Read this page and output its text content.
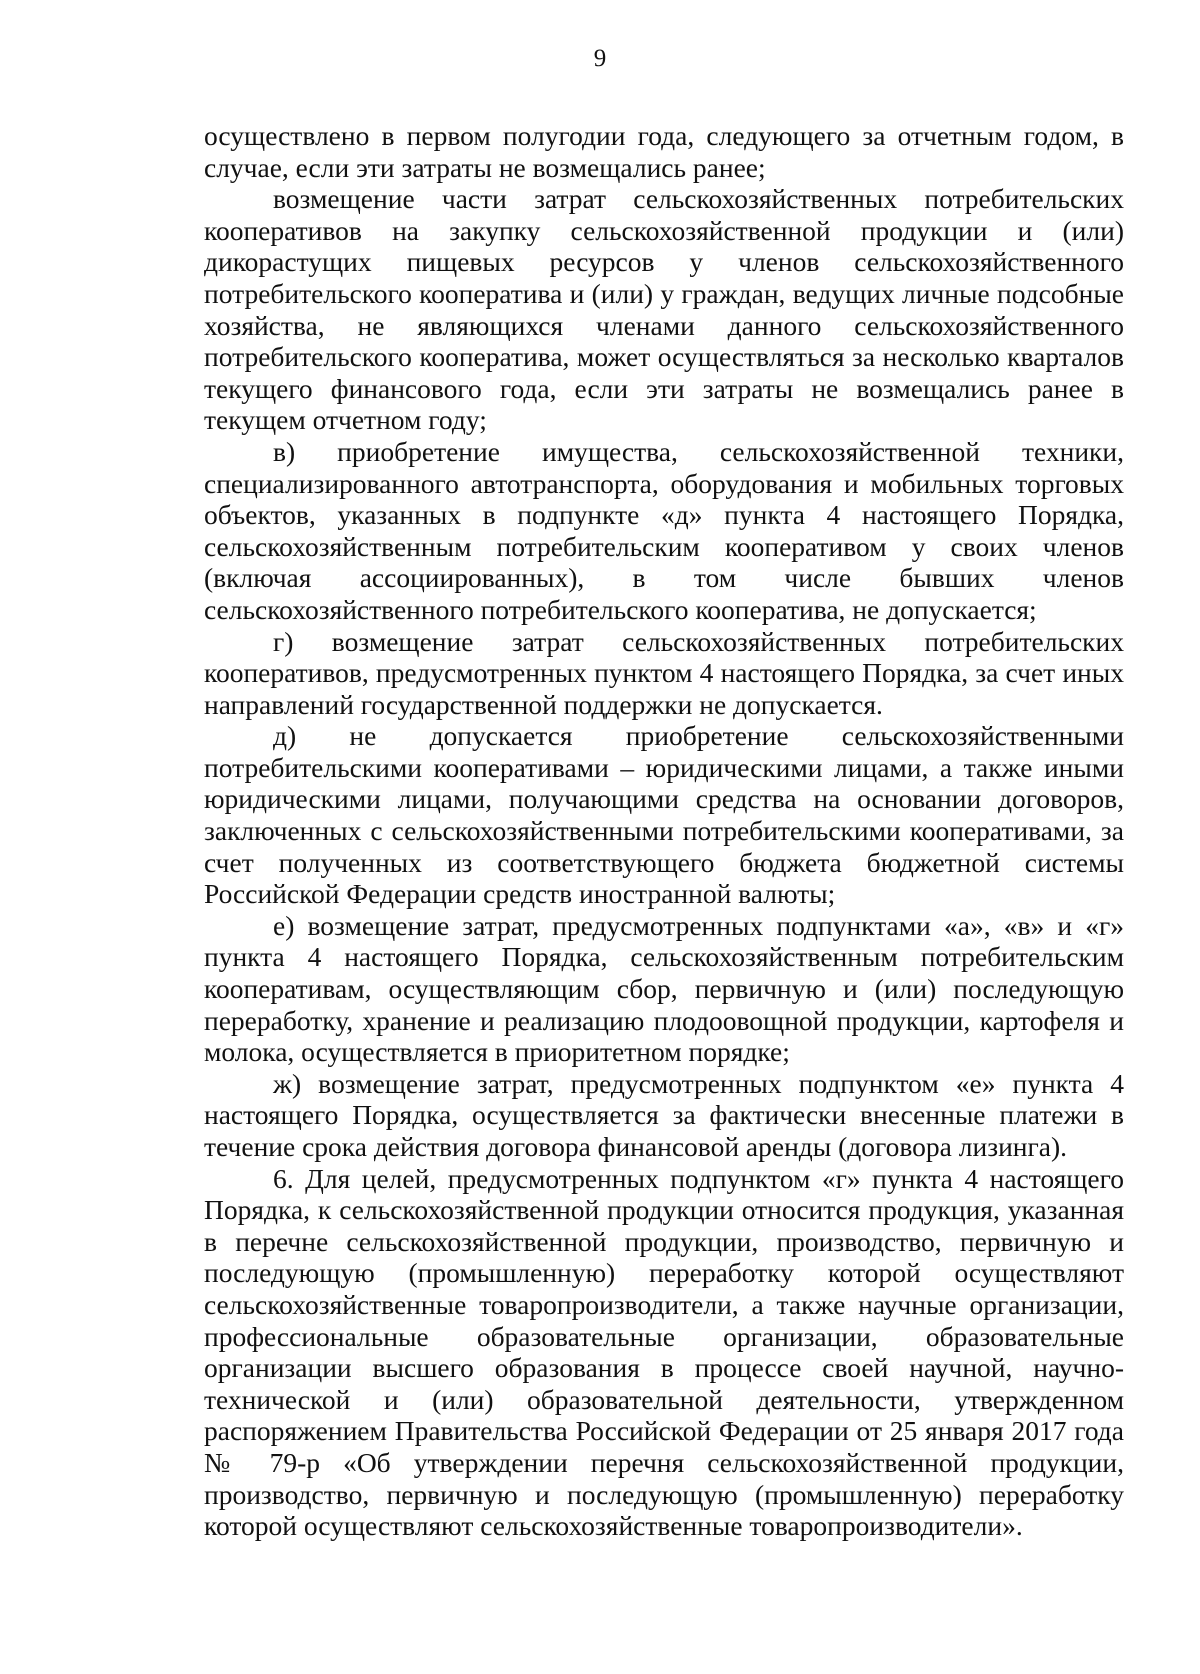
9

осуществлено в первом полугодии года, следующего за отчетным годом, в случае, если эти затраты не возмещались ранее;

возмещение части затрат сельскохозяйственных потребительских кооперативов на закупку сельскохозяйственной продукции и (или) дикорастущих пищевых ресурсов у членов сельскохозяйственного потребительского кооператива и (или) у граждан, ведущих личные подсобные хозяйства, не являющихся членами данного сельскохозяйственного потребительского кооператива, может осуществляться за несколько кварталов текущего финансового года, если эти затраты не возмещались ранее в текущем отчетном году;

в) приобретение имущества, сельскохозяйственной техники, специализированного автотранспорта, оборудования и мобильных торговых объектов, указанных в подпункте «д» пункта 4 настоящего Порядка, сельскохозяйственным потребительским кооперативом у своих членов (включая ассоциированных), в том числе бывших членов сельскохозяйственного потребительского кооператива, не допускается;

г) возмещение затрат сельскохозяйственных потребительских кооперативов, предусмотренных пунктом 4 настоящего Порядка, за счет иных направлений государственной поддержки не допускается.

д) не допускается приобретение сельскохозяйственными потребительскими кооперативами – юридическими лицами, а также иными юридическими лицами, получающими средства на основании договоров, заключенных с сельскохозяйственными потребительскими кооперативами, за счет полученных из соответствующего бюджета бюджетной системы Российской Федерации средств иностранной валюты;

е) возмещение затрат, предусмотренных подпунктами «а», «в» и «г» пункта 4 настоящего Порядка, сельскохозяйственным потребительским кооперативам, осуществляющим сбор, первичную и (или) последующую переработку, хранение и реализацию плодоовощной продукции, картофеля и молока, осуществляется в приоритетном порядке;

ж) возмещение затрат, предусмотренных подпунктом «е» пункта 4 настоящего Порядка, осуществляется за фактически внесенные платежи в течение срока действия договора финансовой аренды (договора лизинга).

6. Для целей, предусмотренных подпунктом «г» пункта 4 настоящего Порядка, к сельскохозяйственной продукции относится продукция, указанная в перечне сельскохозяйственной продукции, производство, первичную и последующую (промышленную) переработку которой осуществляют сельскохозяйственные товаропроизводители, а также научные организации, профессиональные образовательные организации, образовательные организации высшего образования в процессе своей научной, научно-технической и (или) образовательной деятельности, утвержденном распоряжением Правительства Российской Федерации от 25 января 2017 года № 79-р «Об утверждении перечня сельскохозяйственной продукции, производство, первичную и последующую (промышленную) переработку которой осуществляют сельскохозяйственные товаропроизводители».
